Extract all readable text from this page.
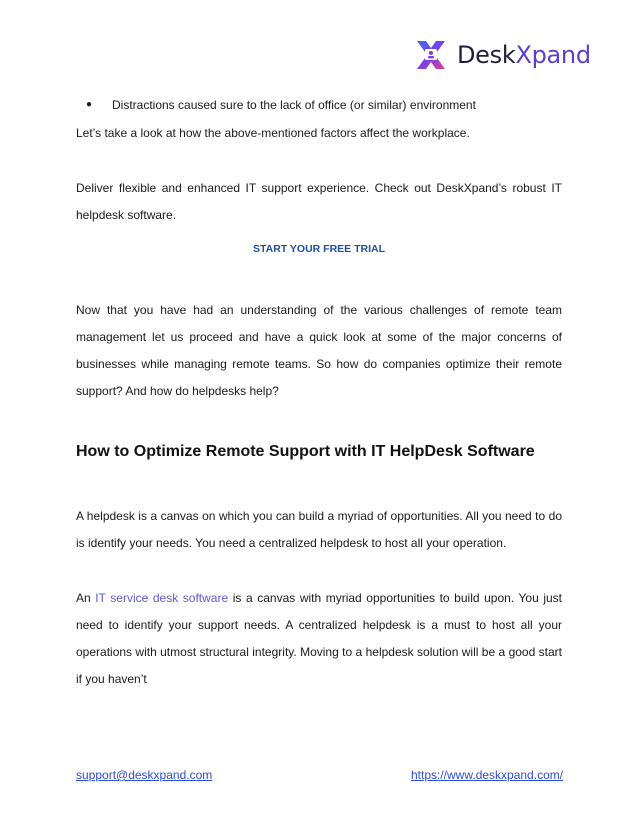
DeskXpand
●	Distractions caused sure to the lack of office (or similar) environment

Let’s take a look at how the above-mentioned factors affect the workplace.

Deliver flexible and enhanced IT support experience. Check out DeskXpand’s robust IT helpdesk software.

START YOUR FREE TRIAL

Now that you have had an understanding of the various challenges of remote team management let us proceed and have a quick look at some of the major concerns of businesses while managing remote teams. So how do companies optimize their remote support? And how do helpdesks help?

How to Optimize Remote Support with IT HelpDesk Software

A helpdesk is a canvas on which you can build a myriad of opportunities. All you need to do is identify your needs. You need a centralized helpdesk to host all your operation.

An IT service desk software is a canvas with myriad opportunities to build upon. You just need to identify your support needs. A centralized helpdesk is a must to host all your operations with utmost structural integrity. Moving to a helpdesk solution will be a good start if you haven’t

support@deskxpand.com	https://www.deskxpand.com/
